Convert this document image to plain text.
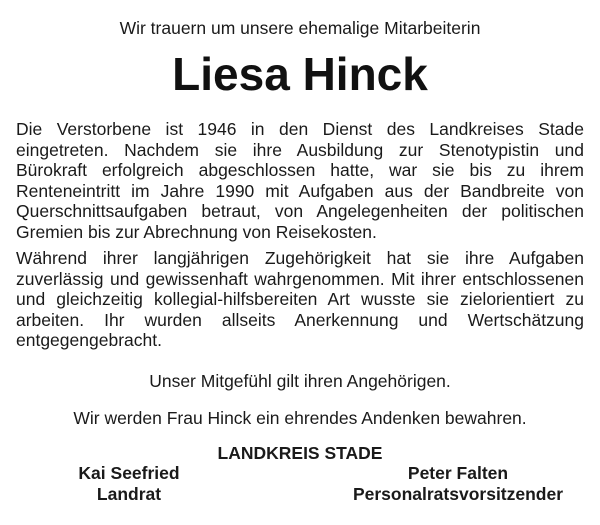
Wir trauern um unsere ehemalige Mitarbeiterin
Liesa Hinck
Die Verstorbene ist 1946 in den Dienst des Landkreises Stade eingetreten. Nachdem sie ihre Ausbildung zur Stenotypistin und Bürokraft erfolgreich abgeschlossen hatte, war sie bis zu ihrem Renteneintritt im Jahre 1990 mit Aufgaben aus der Bandbreite von Querschnittsaufgaben betraut, von Angelegenheiten der politischen Gremien bis zur Abrechnung von Reisekosten.
Während ihrer langjährigen Zugehörigkeit hat sie ihre Aufgaben zuverlässig und gewissenhaft wahrgenommen. Mit ihrer entschlossenen und gleichzeitig kollegial-hilfsbereiten Art wusste sie zielorientiert zu arbeiten. Ihr wurden allseits Anerkennung und Wertschätzung entgegengebracht.
Unser Mitgefühl gilt ihren Angehörigen.
Wir werden Frau Hinck ein ehrendes Andenken bewahren.
LANDKREIS STADE
Kai Seefried
Landrat
Peter Falten
Personalratsvorsitzender
